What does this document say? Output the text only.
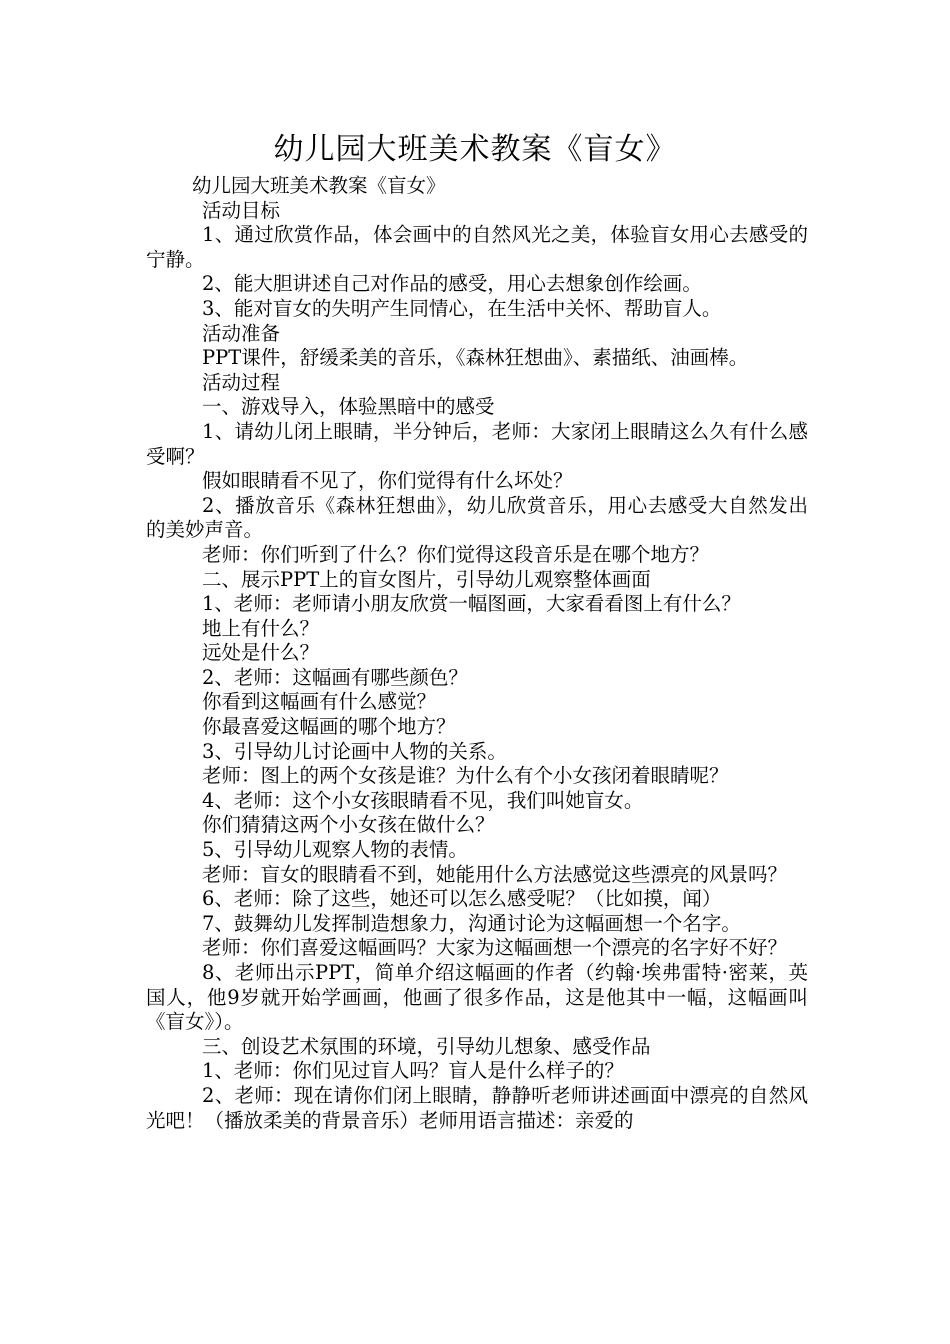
幼儿园大班美术教案《盲女》

幼儿园大班美术教案《盲女》

活动目标

1、通过欣赏作品，体会画中的自然风光之美，体验盲女用心去感受的宁静。

2、能大胆讲述自己对作品的感受，用心去想象创作绘画。

3、能对盲女的失明产生同情心，在生活中关怀、帮助盲人。

活动准备

PPT课件，舒缓柔美的音乐，《森林狂想曲》、素描纸、油画棒。

活动过程

一、游戏导入，体验黑暗中的感受

1、请幼儿闭上眼睛，半分钟后，老师：大家闭上眼睛这么久有什么感受啊？

假如眼睛看不见了，你们觉得有什么坏处？

2、播放音乐《森林狂想曲》，幼儿欣赏音乐，用心去感受大自然发出的美妙声音。

老师：你们听到了什么？你们觉得这段音乐是在哪个地方？

二、展示PPT上的盲女图片，引导幼儿观察整体画面

1、老师：老师请小朋友欣赏一幅图画，大家看看图上有什么？

地上有什么？

远处是什么？

2、老师：这幅画有哪些颜色？

你看到这幅画有什么感觉？

你最喜爱这幅画的哪个地方？

3、引导幼儿讨论画中人物的关系。

老师：图上的两个女孩是谁？为什么有个小女孩闭着眼睛呢？

4、老师：这个小女孩眼睛看不见，我们叫她盲女。

你们猜猜这两个小女孩在做什么？

5、引导幼儿观察人物的表情。

老师：盲女的眼睛看不到，她能用什么方法感觉这些漂亮的风景吗？

6、老师：除了这些，她还可以怎么感受呢？（比如摸，闻）

7、鼓舞幼儿发挥制造想象力，沟通讨论为这幅画想一个名字。

老师：你们喜爱这幅画吗？大家为这幅画想一个漂亮的名字好不好？

8、老师出示PPT，简单介绍这幅画的作者（约翰·埃弗雷特·密莱，英国人，他9岁就开始学画画，他画了很多作品，这是他其中一幅，这幅画叫《盲女》）。

三、创设艺术氛围的环境，引导幼儿想象、感受作品

1、老师：你们见过盲人吗？盲人是什么样子的？

2、老师：现在请你们闭上眼睛，静静听老师讲述画面中漂亮的自然风光吧！（播放柔美的背景音乐）老师用语言描述：亲爱的
